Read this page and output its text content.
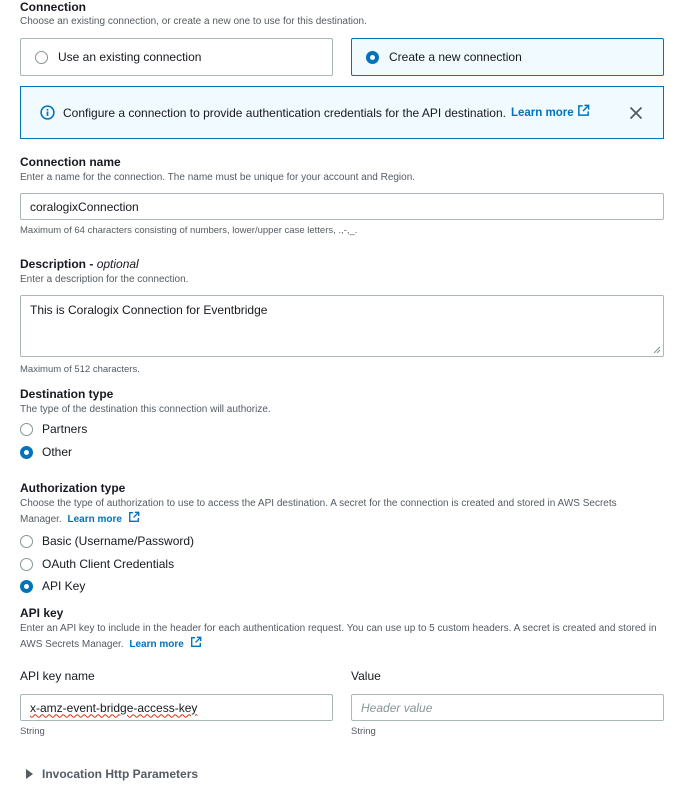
Connection
Choose an existing connection, or create a new one to use for this destination.
Use an existing connection	Create a new connection
Configure a connection to provide authentication credentials for the API destination. Learn more
Connection name
Enter a name for the connection. The name must be unique for your account and Region.
coralogixConnection
Maximum of 64 characters consisting of numbers, lower/upper case letters, .,-,_.
Description - optional
Enter a description for the connection.
This is Coralogix Connection for Eventbridge
Maximum of 512 characters.
Destination type
The type of the destination this connection will authorize.
Partners
Other
Authorization type
Choose the type of authorization to use to access the API destination. A secret for the connection is created and stored in AWS Secrets Manager. Learn more
Basic (Username/Password)
OAuth Client Credentials
API Key
API key
Enter an API key to include in the header for each authentication request. You can use up to 5 custom headers. A secret is created and stored in AWS Secrets Manager. Learn more
API key name
x-amz-event-bridge-access-key
String
Value
Header value
String
Invocation Http Parameters
